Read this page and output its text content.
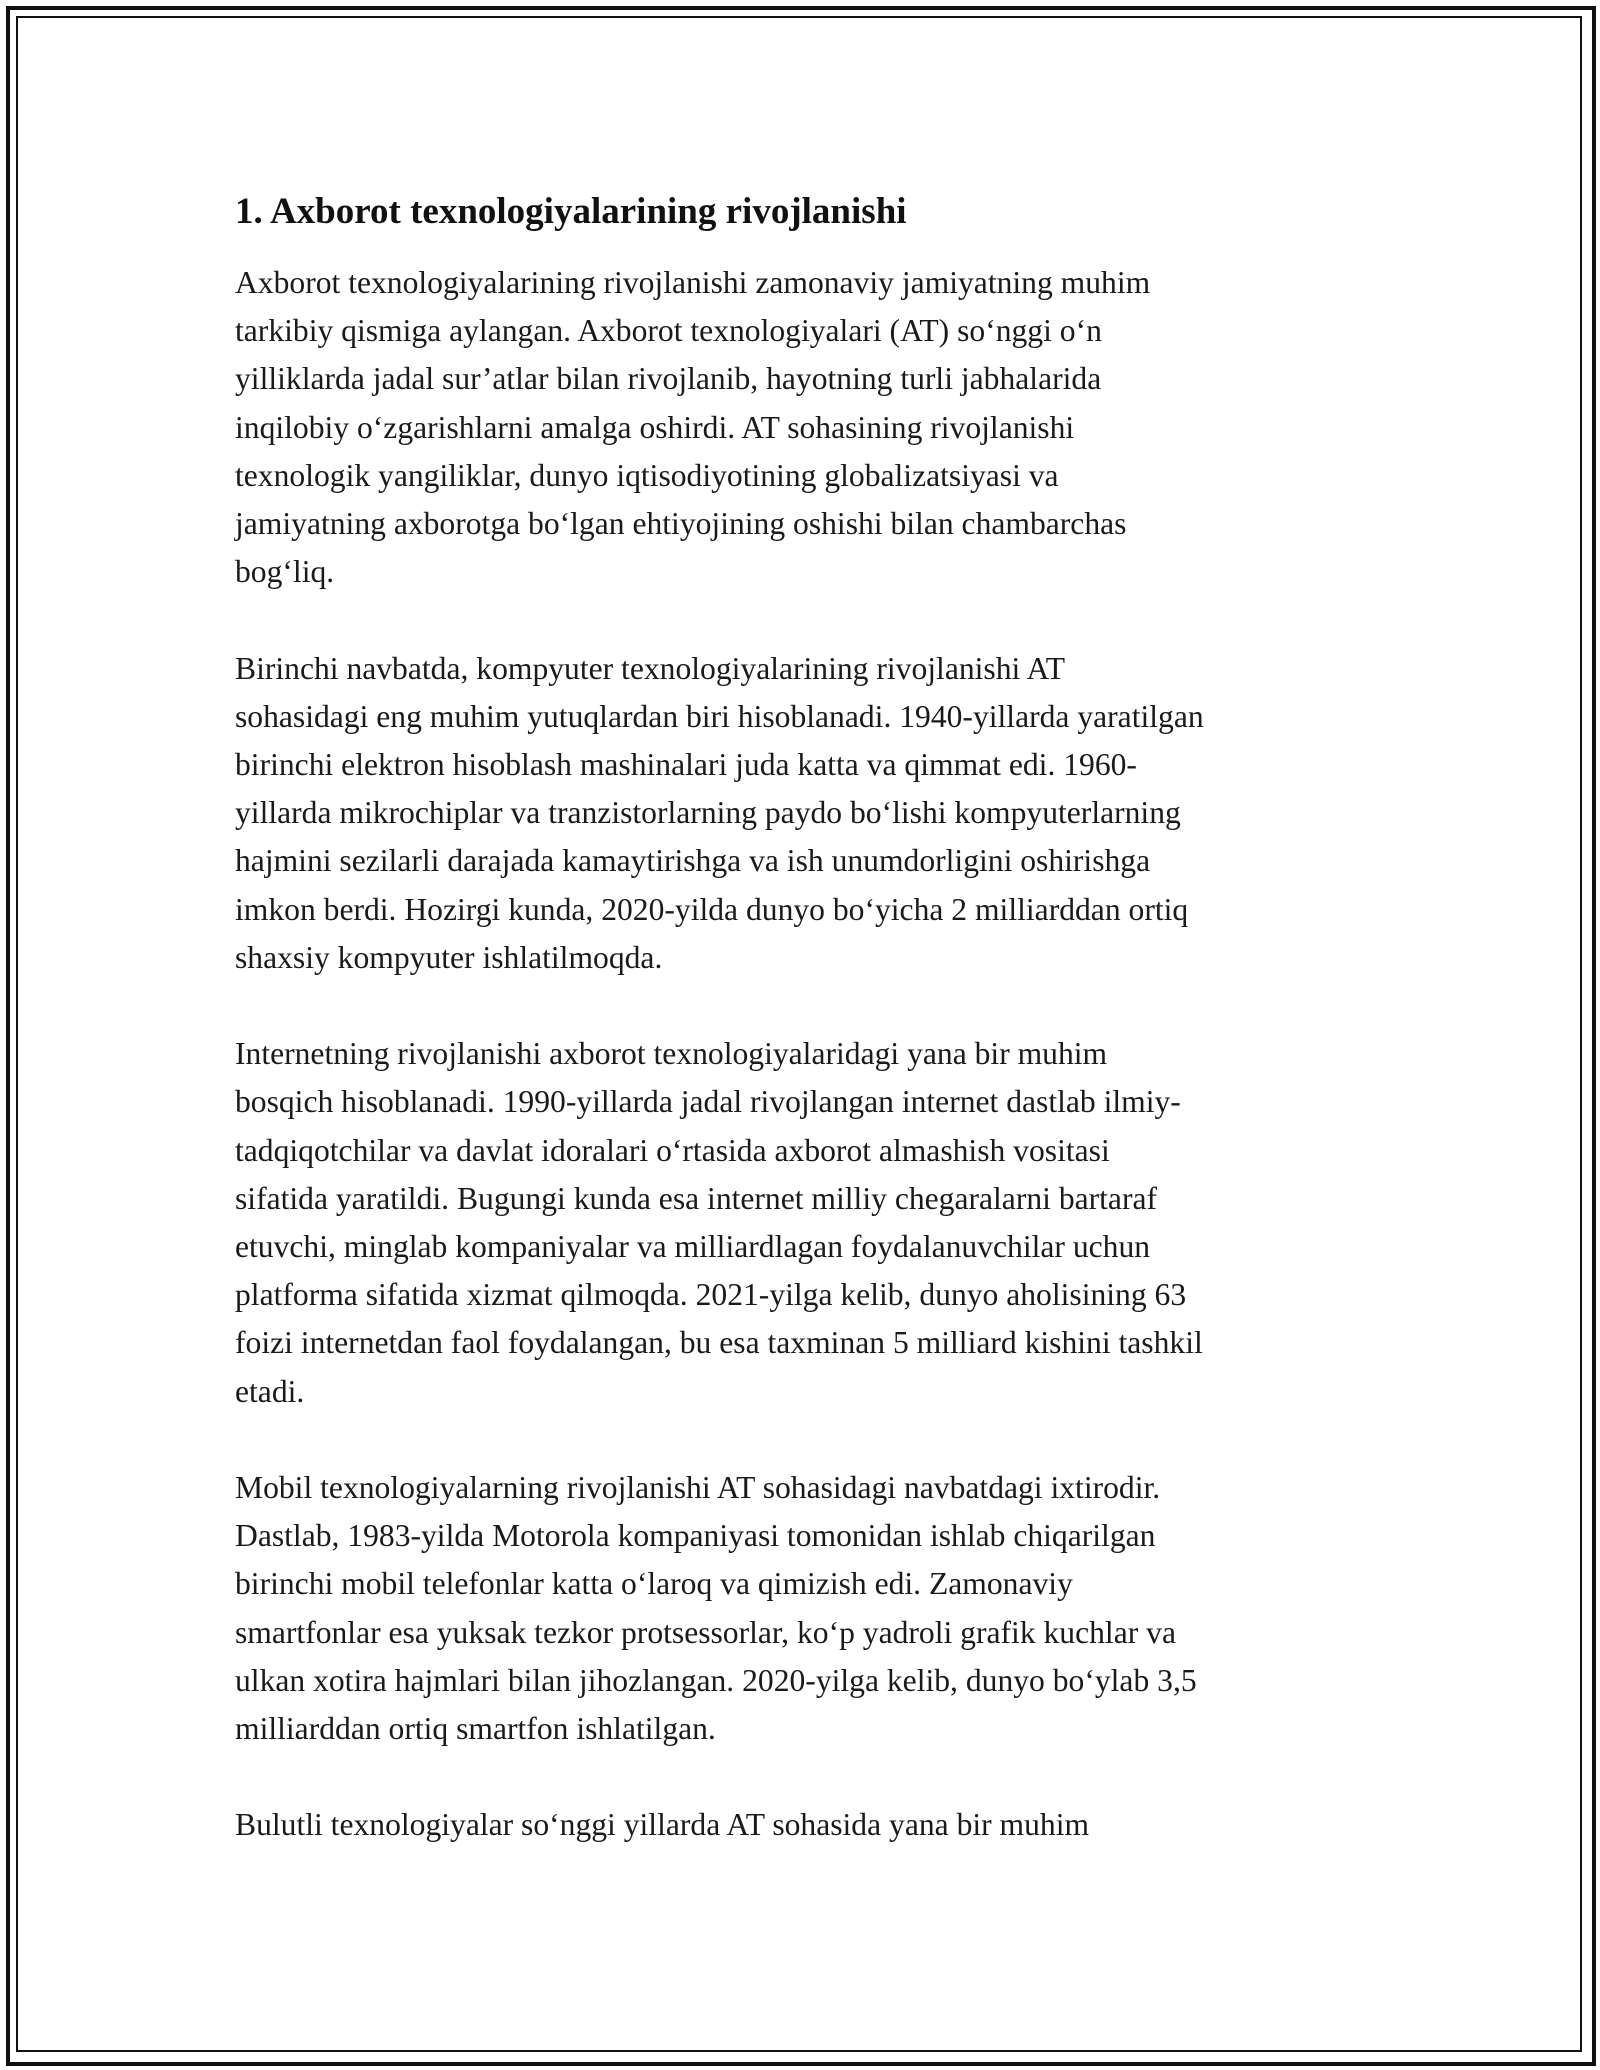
1. Axborot texnologiyalarining rivojlanishi
Axborot texnologiyalarining rivojlanishi zamonaviy jamiyatning muhim
tarkibiy qismiga aylangan. Axborot texnologiyalari (AT) so‘nggi o‘n
yilliklarda jadal sur’atlar bilan rivojlanib, hayotning turli jabhalarida
inqilobiy o‘zgarishlarni amalga oshirdi. AT sohasining rivojlanishi
texnologik yangiliklar, dunyo iqtisodiyotining globalizatsiyasi va
jamiyatning axborotga bo‘lgan ehtiyojining oshishi bilan chambarchas
bog‘liq.
Birinchi navbatda, kompyuter texnologiyalarining rivojlanishi AT
sohasidagi eng muhim yutuqlardan biri hisoblanadi. 1940-yillarda yaratilgan
birinchi elektron hisoblash mashinalari juda katta va qimmat edi. 1960-
yillarda mikrochiplar va tranzistorlarning paydo bo‘lishi kompyuterlarning
hajmini sezilarli darajada kamaytirishga va ish unumdorligini oshirishga
imkon berdi. Hozirgi kunda, 2020-yilda dunyo bo‘yicha 2 milliarddan ortiq
shaxsiy kompyuter ishlatilmoqda.
Internetning rivojlanishi axborot texnologiyalaridagi yana bir muhim
bosqich hisoblanadi. 1990-yillarda jadal rivojlangan internet dastlab ilmiy-
tadqiqotchilar va davlat idoralari o‘rtasida axborot almashish vositasi
sifatida yaratildi. Bugungi kunda esa internet milliy chegaralarni bartaraf
etuvchi, minglab kompaniyalar va milliardlagan foydalanuvchilar uchun
platforma sifatida xizmat qilmoqda. 2021-yilga kelib, dunyo aholisining 63
foizi internetdan faol foydalangan, bu esa taxminan 5 milliard kishini tashkil
etadi.
Mobil texnologiyalarning rivojlanishi AT sohasidagi navbatdagi ixtirodir.
Dastlab, 1983-yilda Motorola kompaniyasi tomonidan ishlab chiqarilgan
birinchi mobil telefonlar katta o‘laroq va qimizish edi. Zamonaviy
smartfonlar esa yuksak tezkor protsessorlar, ko‘p yadroli grafik kuchlar va
ulkan xotira hajmlari bilan jihozlangan. 2020-yilga kelib, dunyo bo‘ylab 3,5
milliarddan ortiq smartfon ishlatilgan.
Bulutli texnologiyalar so‘nggi yillarda AT sohasida yana bir muhim
